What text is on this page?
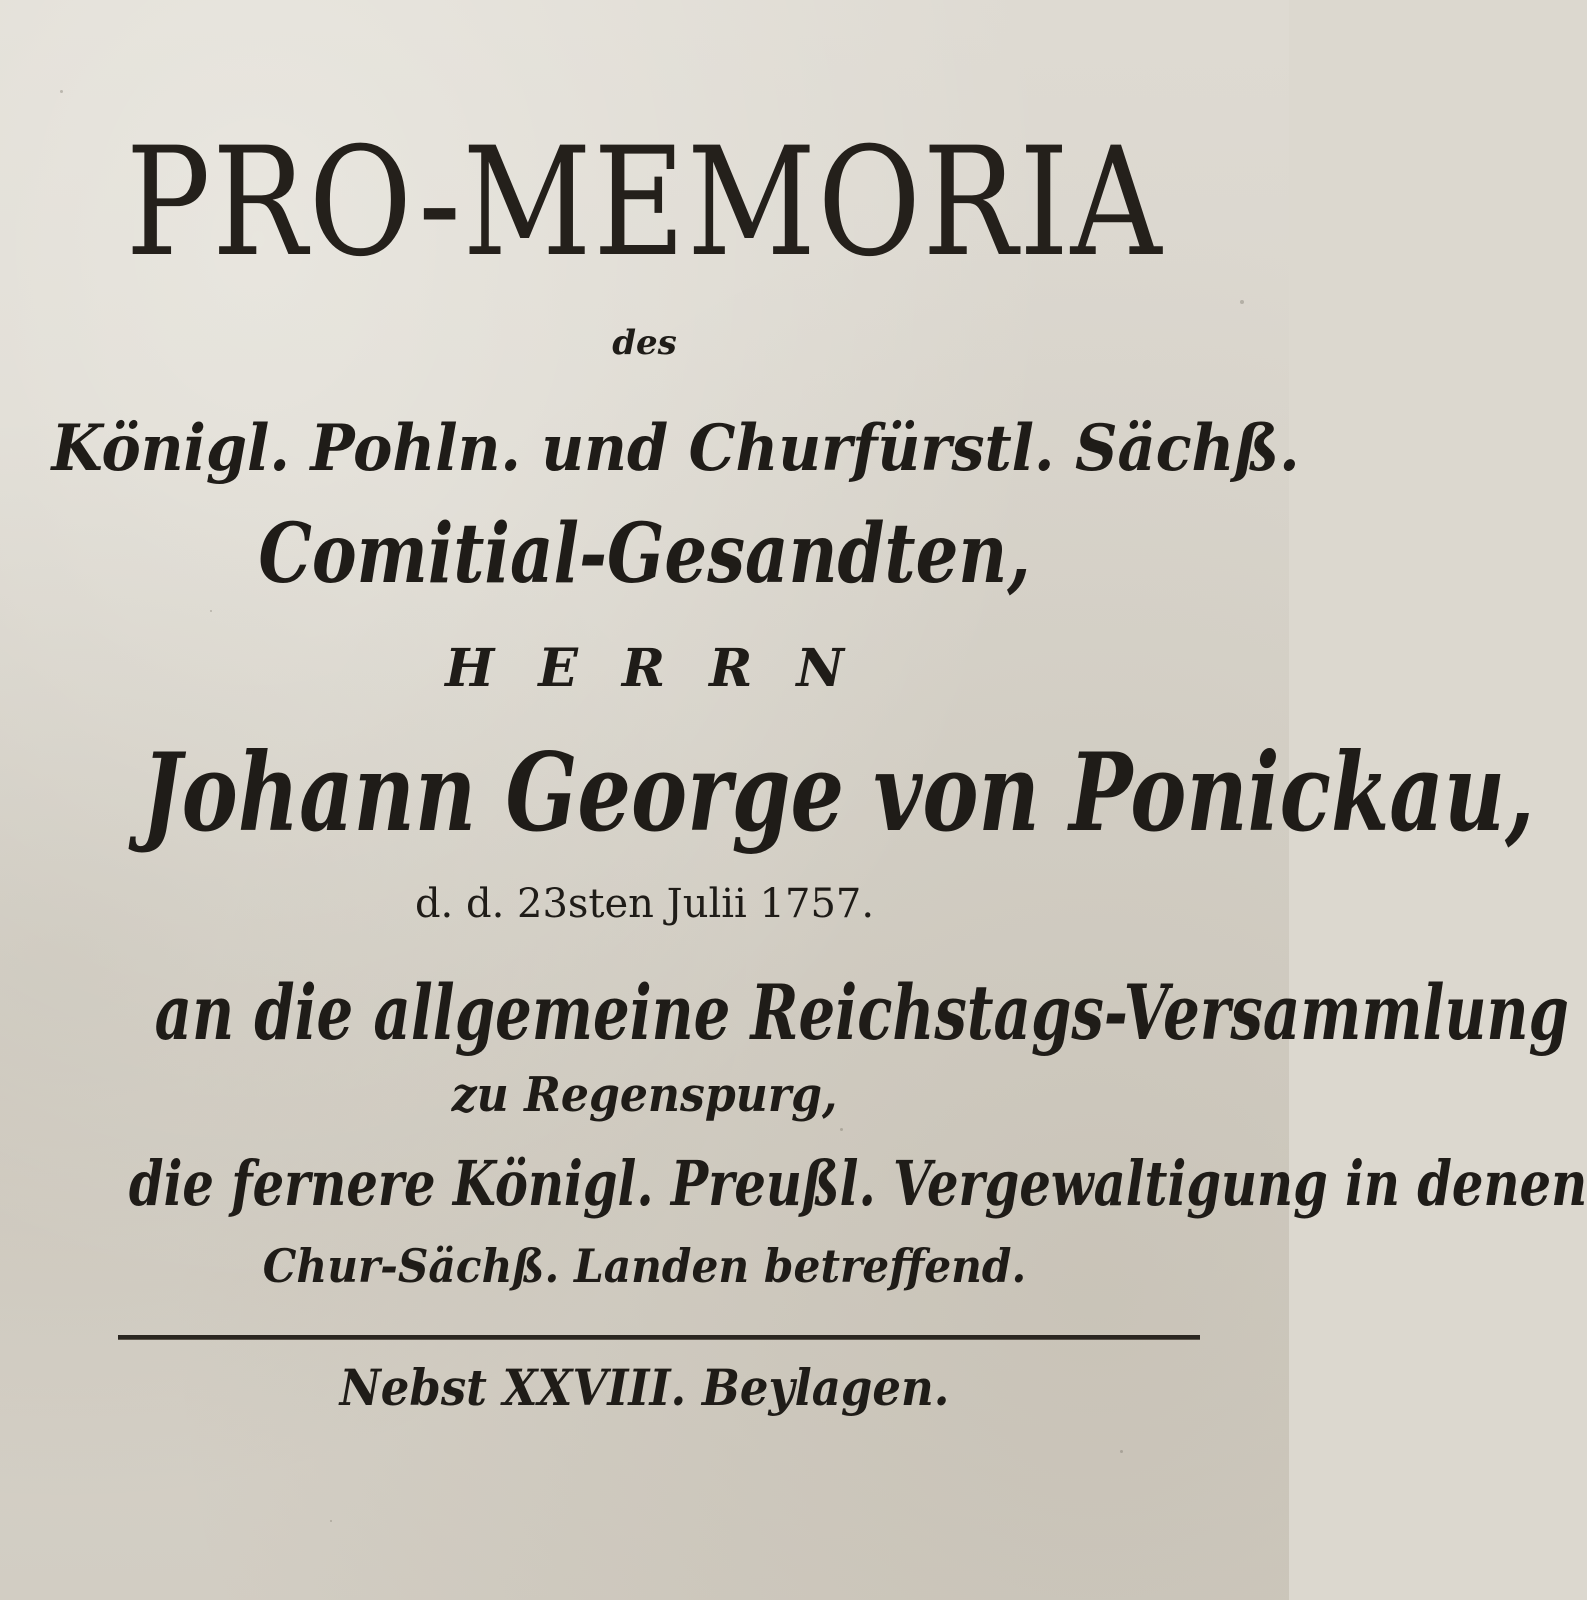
PRO-MEMORIA
des
Königl. Pohln. und Churfürstl. Sächß.
Comitial-Gesandten,
HERRN
Johann George von Ponickau,
d. d. 23sten Julii 1757.
an die allgemeine Reichstags-Versammlung
zu Regenspurg,
die fernere Königl. Preußl. Vergewaltigung in denen
Chur-Sächß. Landen betreffend.
Nebst XXVIII. Beylagen.
